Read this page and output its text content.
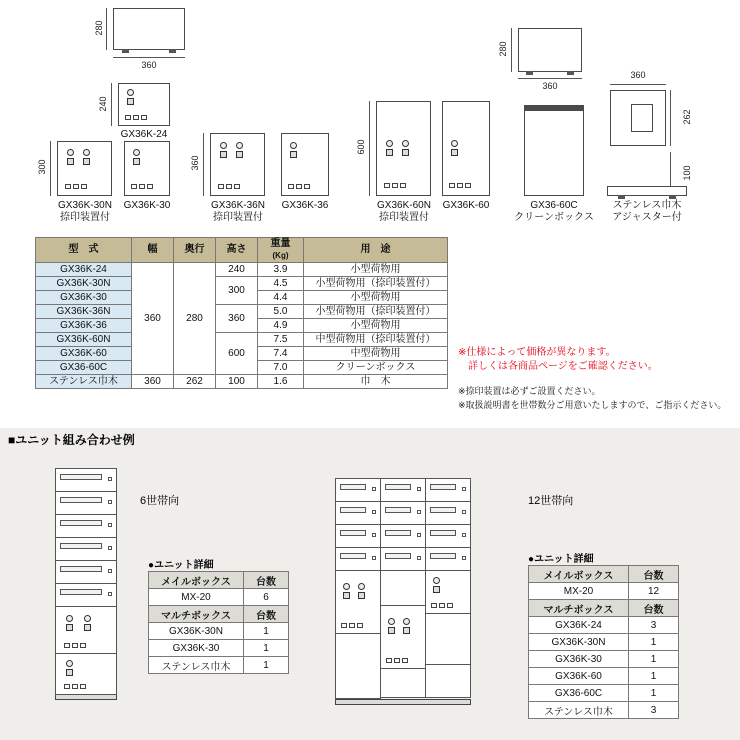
280
360
240
GX36K-24
300
GX36K-30N
捺印装置付
GX36K-30
360
GX36K-36N
捺印装置付
GX36K-36
600
GX36K-60N
捺印装置付
GX36K-60	GX36-60C
クリーンボックス
280
360
360
262
100
ステンレス巾木
アジャスター付
型　式	幅	奥行	高さ	重量
(Kg)	用　途
GX36K-24	360	280	240	3.9	小型荷物用
GX36K-30N			300	4.5	小型荷物用（捺印装置付）
GX36K-30				4.4	小型荷物用
GX36K-36N			360	5.0	小型荷物用（捺印装置付）
GX36K-36				4.9	小型荷物用
GX36K-60N			600	7.5	中型荷物用（捺印装置付）
GX36K-60				7.4	中型荷物用
GX36-60C				7.0	クリーンボックス
ステンレス巾木	360	262	100	1.6	巾　木
※仕様によって価格が異なります。
　詳しくは各商品ページをご確認ください。
※捺印装置は必ずご設置ください。
※取扱説明書を世帯数分ご用意いたしますので、ご指示ください。
■ユニット組み合わせ例
6世帯向
●ユニット詳細
メイルボックス	台数
MX-20	6
マルチボックス	台数
GX36K-30N	1
GX36K-30	1
ステンレス巾木	1
12世帯向
●ユニット詳細
メイルボックス	台数
MX-20	12
マルチボックス	台数
GX36K-24	3
GX36K-30N	1
GX36K-30	1
GX36K-60	1
GX36-60C	1
ステンレス巾木	3
